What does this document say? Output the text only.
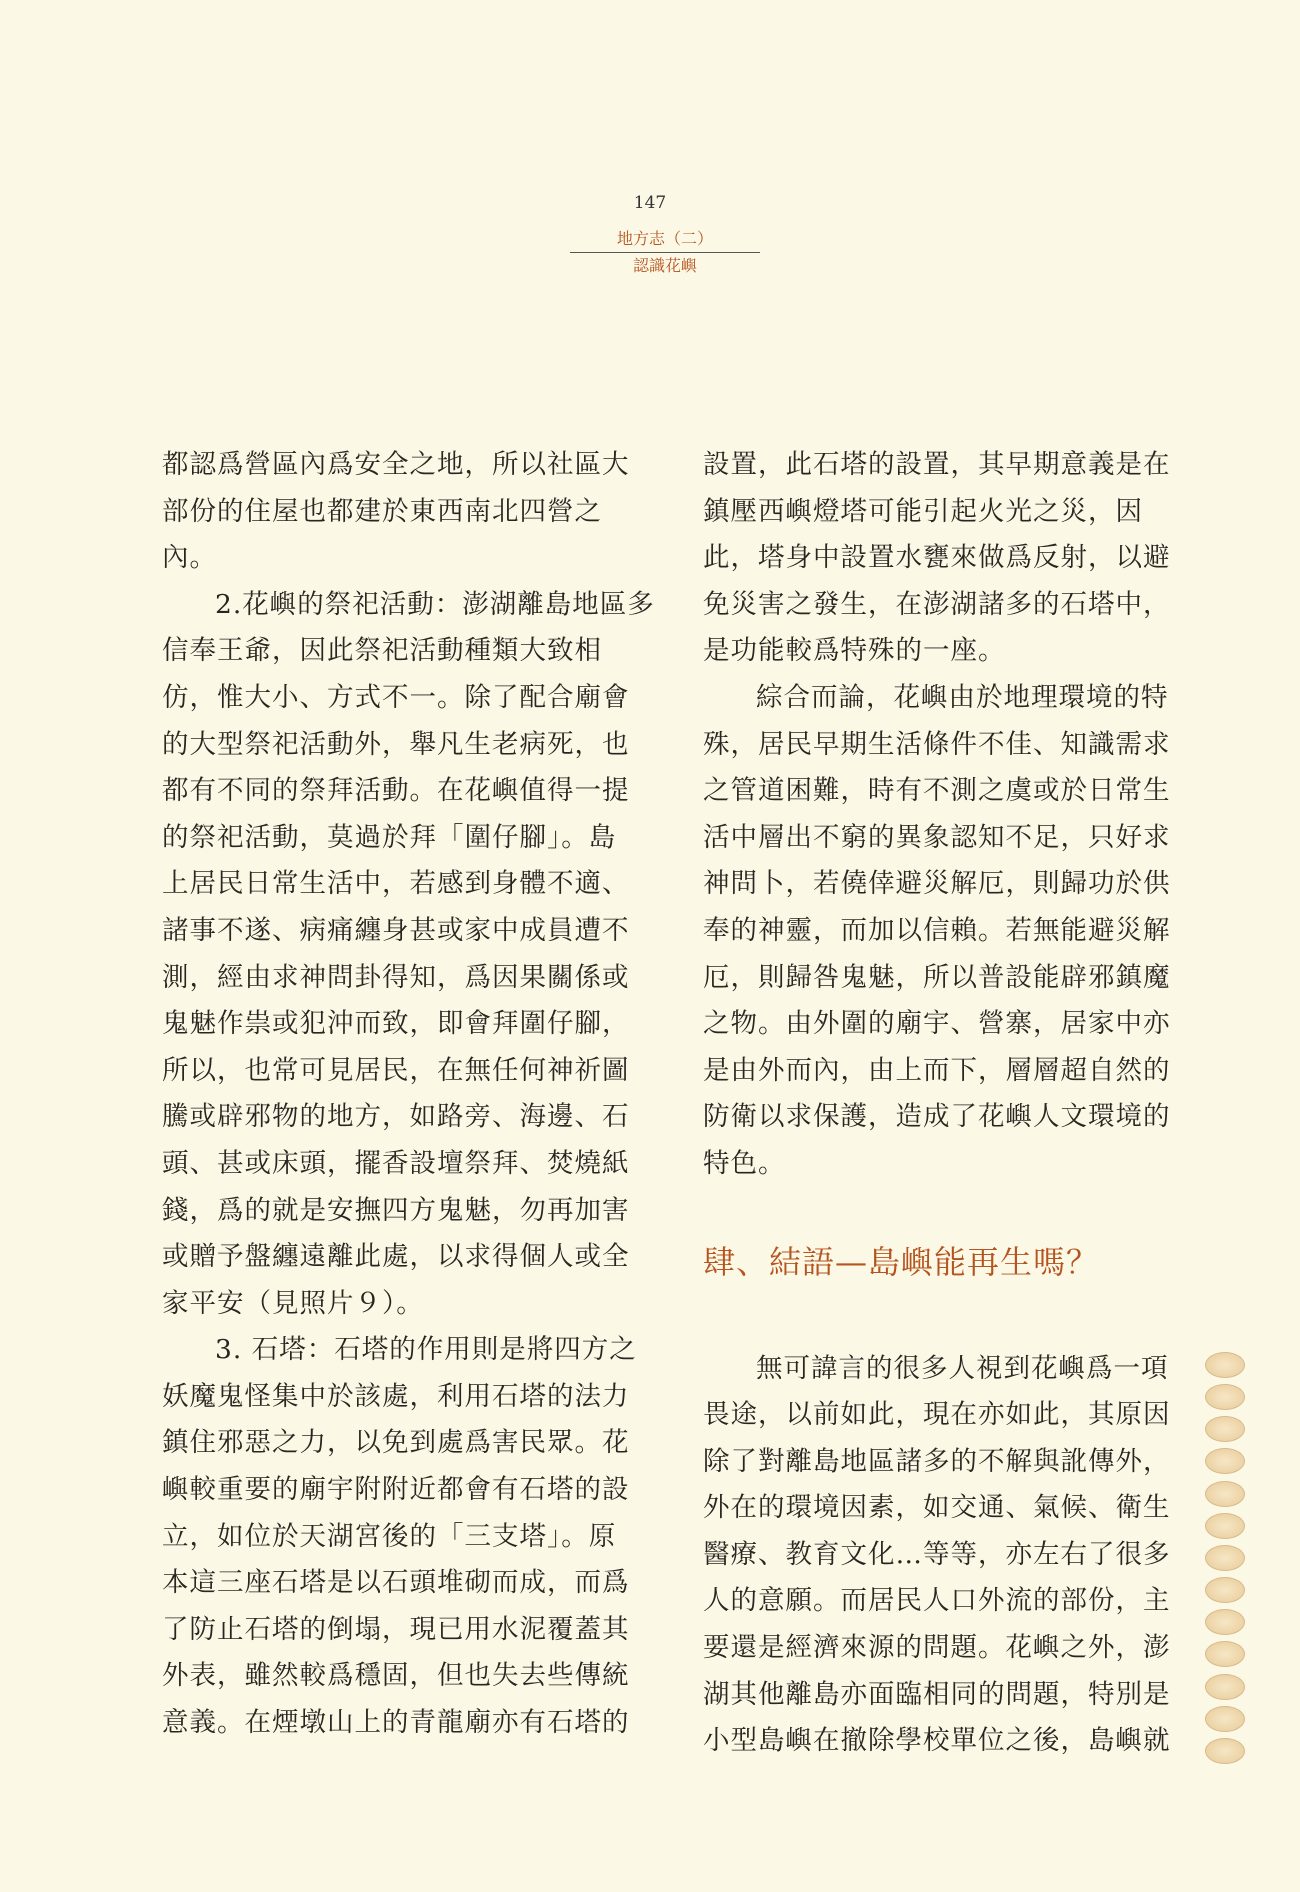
147
地方志（二）
認識花嶼
都認爲營區內爲安全之地，所以社區大
部份的住屋也都建於東西南北四營之
內。
2.花嶼的祭祀活動：澎湖離島地區多
信奉王爺，因此祭祀活動種類大致相
仿，惟大小、方式不一。除了配合廟會
的大型祭祀活動外，舉凡生老病死，也
都有不同的祭拜活動。在花嶼值得一提
的祭祀活動，莫過於拜「圍仔腳」。島
上居民日常生活中，若感到身體不適、
諸事不遂、病痛纏身甚或家中成員遭不
測，經由求神問卦得知，爲因果關係或
鬼魅作祟或犯沖而致，即會拜圍仔腳，
所以，也常可見居民，在無任何神祈圖
騰或辟邪物的地方，如路旁、海邊、石
頭、甚或床頭，擺香設壇祭拜、焚燒紙
錢，爲的就是安撫四方鬼魅，勿再加害
或贈予盤纏遠離此處，以求得個人或全
家平安（見照片９）。
3. 石塔：石塔的作用則是將四方之
妖魔鬼怪集中於該處，利用石塔的法力
鎮住邪惡之力，以免到處爲害民眾。花
嶼較重要的廟宇附附近都會有石塔的設
立，如位於天湖宮後的「三支塔」。原
本這三座石塔是以石頭堆砌而成，而爲
了防止石塔的倒塌，現已用水泥覆蓋其
外表，雖然較爲穩固，但也失去些傳統
意義。在煙墩山上的青龍廟亦有石塔的
設置，此石塔的設置，其早期意義是在
鎮壓西嶼燈塔可能引起火光之災，因
此，塔身中設置水甕來做爲反射，以避
免災害之發生，在澎湖諸多的石塔中，
是功能較爲特殊的一座。
綜合而論，花嶼由於地理環境的特
殊，居民早期生活條件不佳、知識需求
之管道困難，時有不測之虞或於日常生
活中層出不窮的異象認知不足，只好求
神問卜，若僥倖避災解厄，則歸功於供
奉的神靈，而加以信賴。若無能避災解
厄，則歸咎鬼魅，所以普設能辟邪鎮魔
之物。由外圍的廟宇、營寨，居家中亦
是由外而內，由上而下，層層超自然的
防衛以求保護，造成了花嶼人文環境的
特色。
肆、結語—島嶼能再生嗎？
無可諱言的很多人視到花嶼爲一項
畏途，以前如此，現在亦如此，其原因
除了對離島地區諸多的不解與訛傳外，
外在的環境因素，如交通、氣候、衛生
醫療、教育文化…等等，亦左右了很多
人的意願。而居民人口外流的部份，主
要還是經濟來源的問題。花嶼之外，澎
湖其他離島亦面臨相同的問題，特別是
小型島嶼在撤除學校單位之後，島嶼就
